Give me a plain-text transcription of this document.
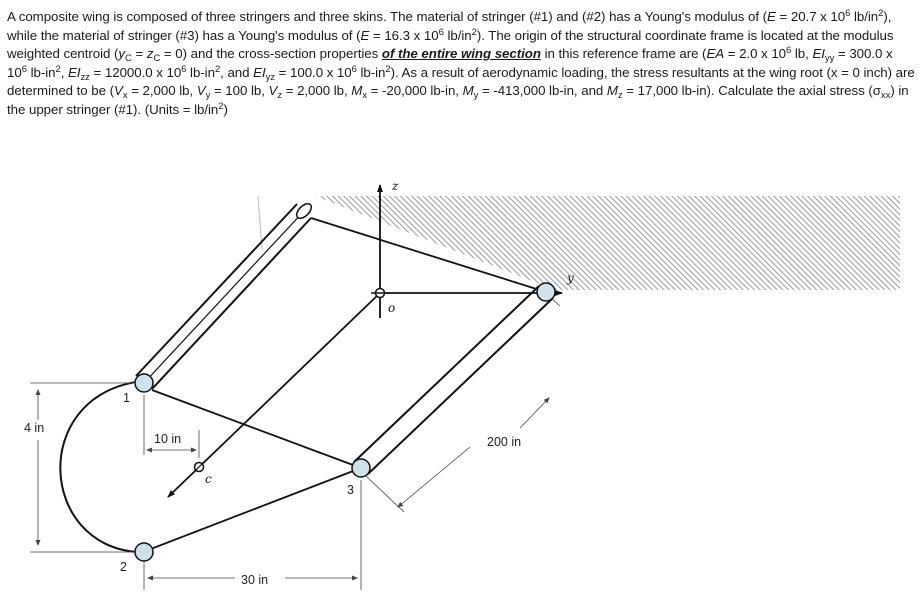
A composite wing is composed of three stringers and three skins. The material of stringer (#1) and (#2) has a Young's modulus of (E = 20.7 x $10^6$ $lb/in^2$), while the material of stringer (#3) has a Young's modulus of (E = 16.3 x $10^6$ $lb/in^2$). The origin of the structural coordinate frame is located at the modulus weighted centroid $(y_C = z_C = 0)$ and the cross-section properties of the entire wing section in this reference frame are (EA = 2.0 x $10^6$ lb, $EI_{yy} = 300.0$ x $10^6$ $lb-in^2$, $EI_{zz} = 12000.0$ x $10^6$ $lb-in^2$, and $EI_{yz} = 100.0$ x $10^6$ $lb-in^2$). As a result of aerodynamic loading, the stress resultants at the wing root (x = 0 inch) are determined to be ($V_x = 2,000$ lb, $V_y = 100$ lb, $V_z = 2,000$ lb, $M_x = -20,000$ lb-in, $M_y = -413,000$ lb-in, and $M_z = 17,000$ lb-in). Calculate the axial stress $(\sigma_{xx})$ in the upper stringer (#1). (Units = $lb/in^2$)
z
y
o
c
1
2
3
4 in
10 in
30 in
200 in
